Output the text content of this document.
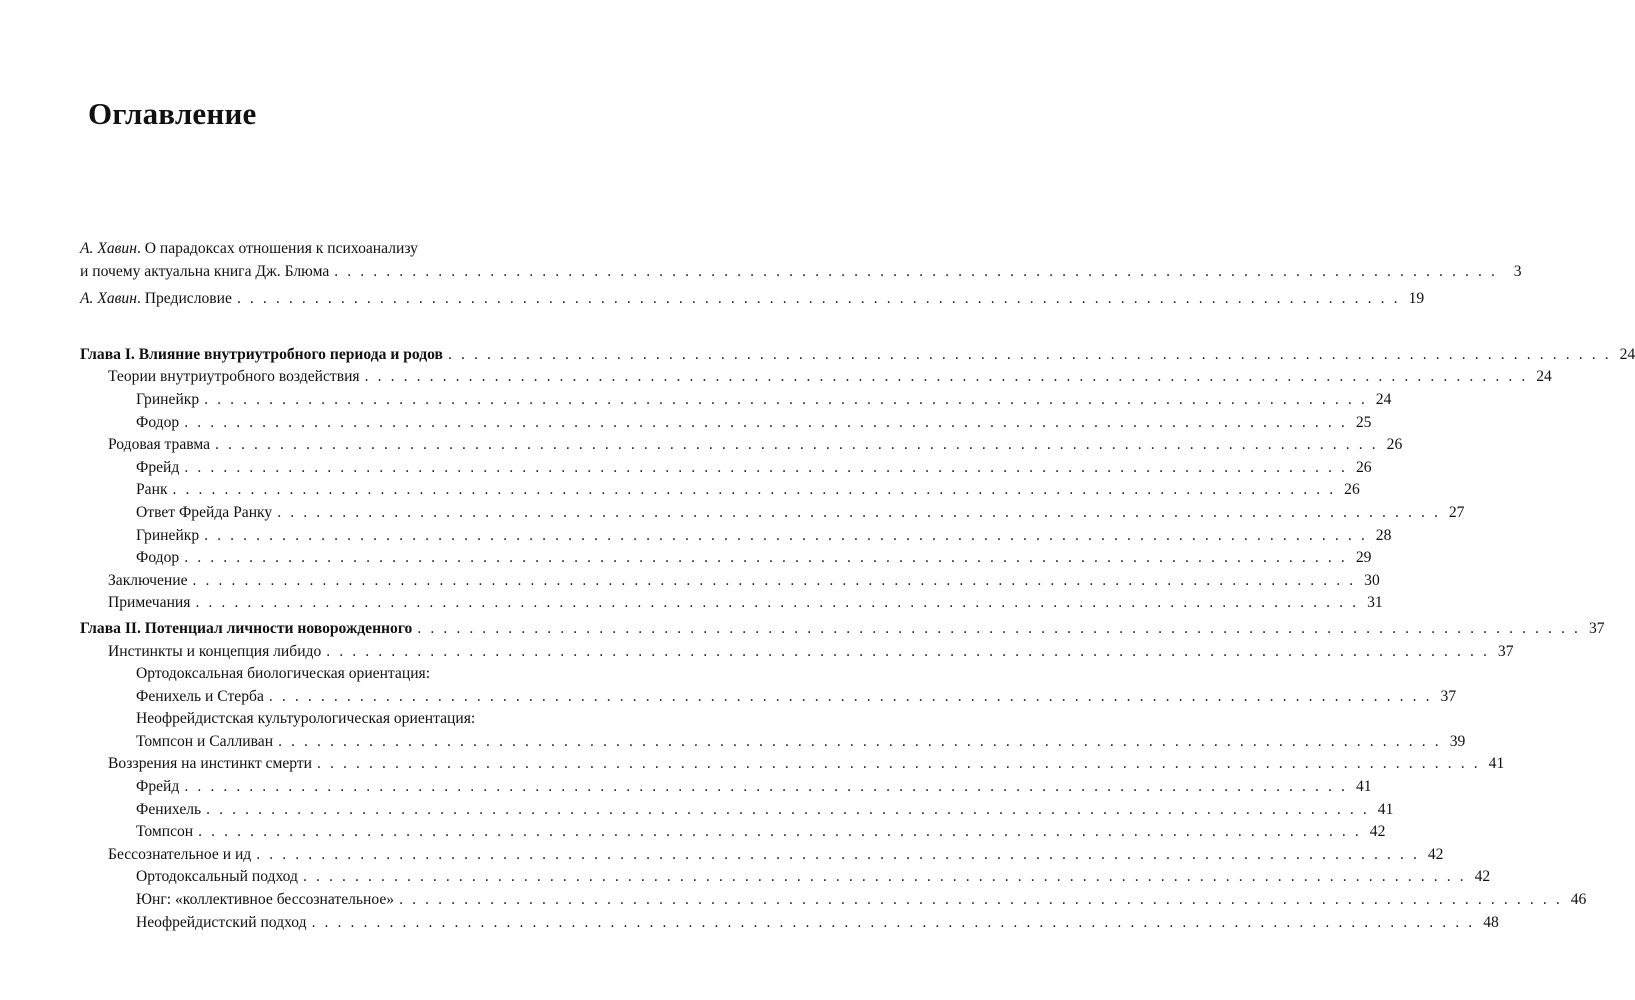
Оглавление
А. Хавин. О парадоксах отношения к психоанализу
и почему актуальна книга Дж. Блюма . . . . . . . . . . . . . . . . . . . . . . . . . . . . . . . . . . . . . . . . . . . . . . . . . . . . . . . . . . . . . . . . . . . . . . . . . . . . . . . . . . . . . . . . . .	3
А. Хавин. Предисловие . . . . . . . . . . . . . . . . . . . . . . . . . . . . . . . . . . . . . . . . . . . . . . . . . . . . . . . . . . . . . . . . . . . . . . . . . . . . . . . . . . . . . . . . . . 19
Глава I. Влияние внутриутробного периода и родов . . . . . . . . . . . . . . . . . . . . . . . . . . . . . . . . . . . . . . . . . . . . . . . . . . . . . . . . . . . . . . . . . . . . . . . . . . . . . . . . . . . . . . . . . . 24
Теории внутриутробного воздействия . . . . . . . . . . . . . . . . . . . . . . . . . . . . . . . . . . . . . . . . . . . . . . . . . . . . . . . . . . . . . . . . . . . . . . . . . . . . . . . . . . . . . . . . . . 24
Гринейкр . . . . . . . . . . . . . . . . . . . . . . . . . . . . . . . . . . . . . . . . . . . . . . . . . . . . . . . . . . . . . . . . . . . . . . . . . . . . . . . . . . . . . . . . . . 24
Фодор . . . . . . . . . . . . . . . . . . . . . . . . . . . . . . . . . . . . . . . . . . . . . . . . . . . . . . . . . . . . . . . . . . . . . . . . . . . . . . . . . . . . . . . . . . 25
Родовая травма . . . . . . . . . . . . . . . . . . . . . . . . . . . . . . . . . . . . . . . . . . . . . . . . . . . . . . . . . . . . . . . . . . . . . . . . . . . . . . . . . . . . . . . . . . 26
Фрейд . . . . . . . . . . . . . . . . . . . . . . . . . . . . . . . . . . . . . . . . . . . . . . . . . . . . . . . . . . . . . . . . . . . . . . . . . . . . . . . . . . . . . . . . . . 26
Ранк . . . . . . . . . . . . . . . . . . . . . . . . . . . . . . . . . . . . . . . . . . . . . . . . . . . . . . . . . . . . . . . . . . . . . . . . . . . . . . . . . . . . . . . . . . 26
Ответ Фрейда Ранку . . . . . . . . . . . . . . . . . . . . . . . . . . . . . . . . . . . . . . . . . . . . . . . . . . . . . . . . . . . . . . . . . . . . . . . . . . . . . . . . . . . . . . . . . . 27
Гринейкр . . . . . . . . . . . . . . . . . . . . . . . . . . . . . . . . . . . . . . . . . . . . . . . . . . . . . . . . . . . . . . . . . . . . . . . . . . . . . . . . . . . . . . . . . . 28
Фодор . . . . . . . . . . . . . . . . . . . . . . . . . . . . . . . . . . . . . . . . . . . . . . . . . . . . . . . . . . . . . . . . . . . . . . . . . . . . . . . . . . . . . . . . . . 29
Заключение . . . . . . . . . . . . . . . . . . . . . . . . . . . . . . . . . . . . . . . . . . . . . . . . . . . . . . . . . . . . . . . . . . . . . . . . . . . . . . . . . . . . . . . . . . 30
Примечания . . . . . . . . . . . . . . . . . . . . . . . . . . . . . . . . . . . . . . . . . . . . . . . . . . . . . . . . . . . . . . . . . . . . . . . . . . . . . . . . . . . . . . . . . . 31
Глава II. Потенциал личности новорожденного . . . . . . . . . . . . . . . . . . . . . . . . . . . . . . . . . . . . . . . . . . . . . . . . . . . . . . . . . . . . . . . . . . . . . . . . . . . . . . . . . . . . . . . . . . 37
Инстинкты и концепция либидо . . . . . . . . . . . . . . . . . . . . . . . . . . . . . . . . . . . . . . . . . . . . . . . . . . . . . . . . . . . . . . . . . . . . . . . . . . . . . . . . . . . . . . . . . . 37
Ортодоксальная биологическая ориентация:
Фенихель и Стерба . . . . . . . . . . . . . . . . . . . . . . . . . . . . . . . . . . . . . . . . . . . . . . . . . . . . . . . . . . . . . . . . . . . . . . . . . . . . . . . . . . . . . . . . . . 37
Неофрейдистская культурологическая ориентация:
Томпсон и Салливан . . . . . . . . . . . . . . . . . . . . . . . . . . . . . . . . . . . . . . . . . . . . . . . . . . . . . . . . . . . . . . . . . . . . . . . . . . . . . . . . . . . . . . . . . . 39
Воззрения на инстинкт смерти . . . . . . . . . . . . . . . . . . . . . . . . . . . . . . . . . . . . . . . . . . . . . . . . . . . . . . . . . . . . . . . . . . . . . . . . . . . . . . . . . . . . . . . . . . 41
Фрейд . . . . . . . . . . . . . . . . . . . . . . . . . . . . . . . . . . . . . . . . . . . . . . . . . . . . . . . . . . . . . . . . . . . . . . . . . . . . . . . . . . . . . . . . . . 41
Фенихель . . . . . . . . . . . . . . . . . . . . . . . . . . . . . . . . . . . . . . . . . . . . . . . . . . . . . . . . . . . . . . . . . . . . . . . . . . . . . . . . . . . . . . . . . . 41
Томпсон . . . . . . . . . . . . . . . . . . . . . . . . . . . . . . . . . . . . . . . . . . . . . . . . . . . . . . . . . . . . . . . . . . . . . . . . . . . . . . . . . . . . . . . . . . 42
Бессознательное и ид . . . . . . . . . . . . . . . . . . . . . . . . . . . . . . . . . . . . . . . . . . . . . . . . . . . . . . . . . . . . . . . . . . . . . . . . . . . . . . . . . . . . . . . . . . 42
Ортодоксальный подход . . . . . . . . . . . . . . . . . . . . . . . . . . . . . . . . . . . . . . . . . . . . . . . . . . . . . . . . . . . . . . . . . . . . . . . . . . . . . . . . . . . . . . . . . . 42
Юнг: «коллективное бессознательное» . . . . . . . . . . . . . . . . . . . . . . . . . . . . . . . . . . . . . . . . . . . . . . . . . . . . . . . . . . . . . . . . . . . . . . . . . . . . . . . . . . . . . . . . . . 46
Неофрейдистский подход . . . . . . . . . . . . . . . . . . . . . . . . . . . . . . . . . . . . . . . . . . . . . . . . . . . . . . . . . . . . . . . . . . . . . . . . . . . . . . . . . . . . . . . . . . 48
